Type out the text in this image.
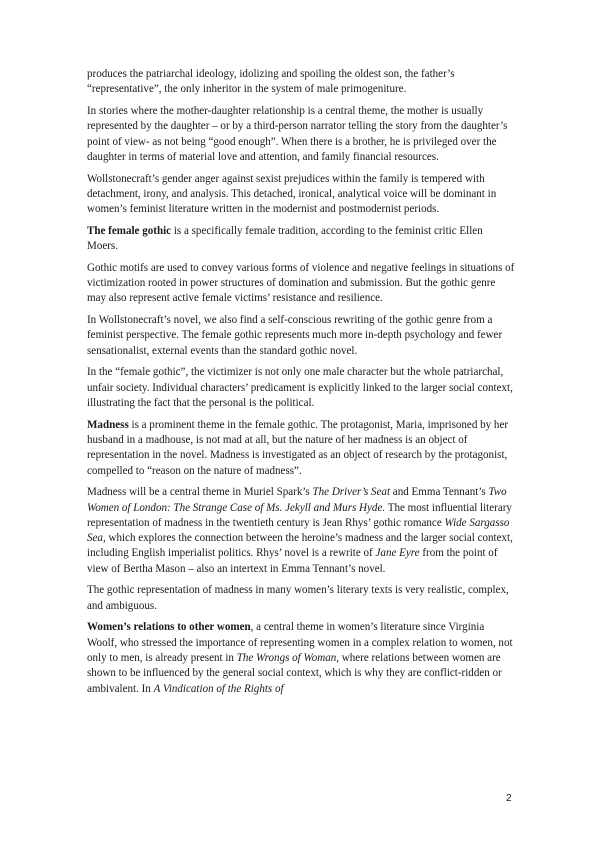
produces the patriarchal ideology, idolizing and spoiling the oldest son, the father’s “representative”, the only inheritor in the system of male primogeniture.

In stories where the mother-daughter relationship is a central theme, the mother is usually represented by the daughter – or by a third-person narrator telling the story from the daughter’s point of view- as not being “good enough”. When there is a brother, he is privileged over the daughter in terms of material love and attention, and family financial resources.

Wollstonecraft’s gender anger against sexist prejudices within the family is tempered with detachment, irony, and analysis. This detached, ironical, analytical voice will be dominant in women’s feminist literature written in the modernist and postmodernist periods.

The female gothic is a specifically female tradition, according to the feminist critic Ellen Moers.

Gothic motifs are used to convey various forms of violence and negative feelings in situations of victimization rooted in power structures of domination and submission. But the gothic genre may also represent active female victims’ resistance and resilience.

In Wollstonecraft’s novel, we also find a self-conscious rewriting of the gothic genre from a feminist perspective. The female gothic represents much more in-depth psychology and fewer sensationalist, external events than the standard gothic novel.

In the “female gothic”, the victimizer is not only one male character but the whole patriarchal, unfair society. Individual characters’ predicament is explicitly linked to the larger social context, illustrating the fact that the personal is the political.

Madness is a prominent theme in the female gothic. The protagonist, Maria, imprisoned by her husband in a madhouse, is not mad at all, but the nature of her madness is an object of representation in the novel. Madness is investigated as an object of research by the protagonist, compelled to “reason on the nature of madness”.

Madness will be a central theme in Muriel Spark’s The Driver’s Seat and Emma Tennant’s Two Women of London: The Strange Case of Ms. Jekyll and Murs Hyde. The most influential literary representation of madness in the twentieth century is Jean Rhys’ gothic romance Wide Sargasso Sea, which explores the connection between the heroine’s madness and the larger social context, including English imperialist politics. Rhys’ novel is a rewrite of Jane Eyre from the point of view of Bertha Mason – also an intertext in Emma Tennant’s novel.

The gothic representation of madness in many women’s literary texts is very realistic, complex, and ambiguous.

Women’s relations to other women, a central theme in women’s literature since Virginia Woolf, who stressed the importance of representing women in a complex relation to women, not only to men, is already present in The Wrongs of Woman, where relations between women are shown to be influenced by the general social context, which is why they are conflict-ridden or ambivalent. In A Vindication of the Rights of

2
